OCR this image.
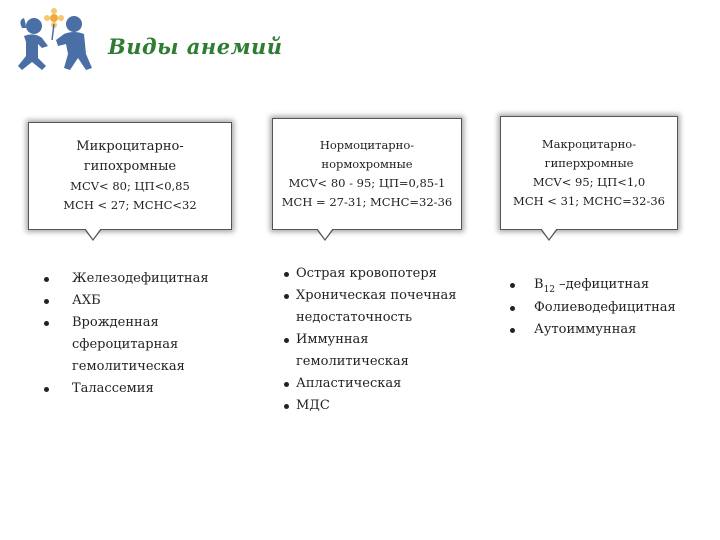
Виды анемий
Микроцитарно-
гипохромные
MCV< 80; ЦП<0,85
MCH < 27; MCHC<32
Нормоцитарно-
нормохромные
MCV< 80 - 95; ЦП=0,85-1
MCH = 27-31; MCHC=32-36
Макроцитарно-
гиперхромные
MCV< 95; ЦП<1,0
MCH < 31; MCHC=32-36
Железодефицитная
АХБ
Врожденная
сфероцитарная
гемолитическая
Талассемия
Острая кровопотеря
Хроническая почечная
недостаточность
Иммунная
гемолитическая
Апластическая
МДС
$B_{12}$ –дефицитная
Фолиеводефицитная
Аутоиммунная
